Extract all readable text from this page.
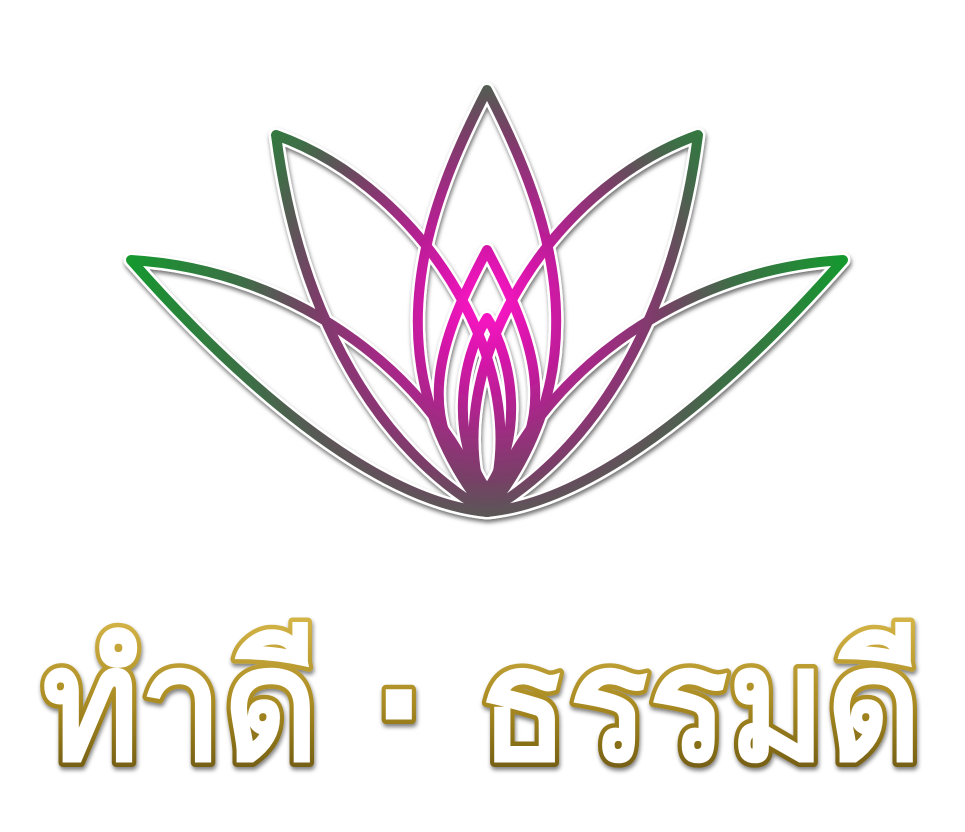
ทำดี · ธรรมดี
